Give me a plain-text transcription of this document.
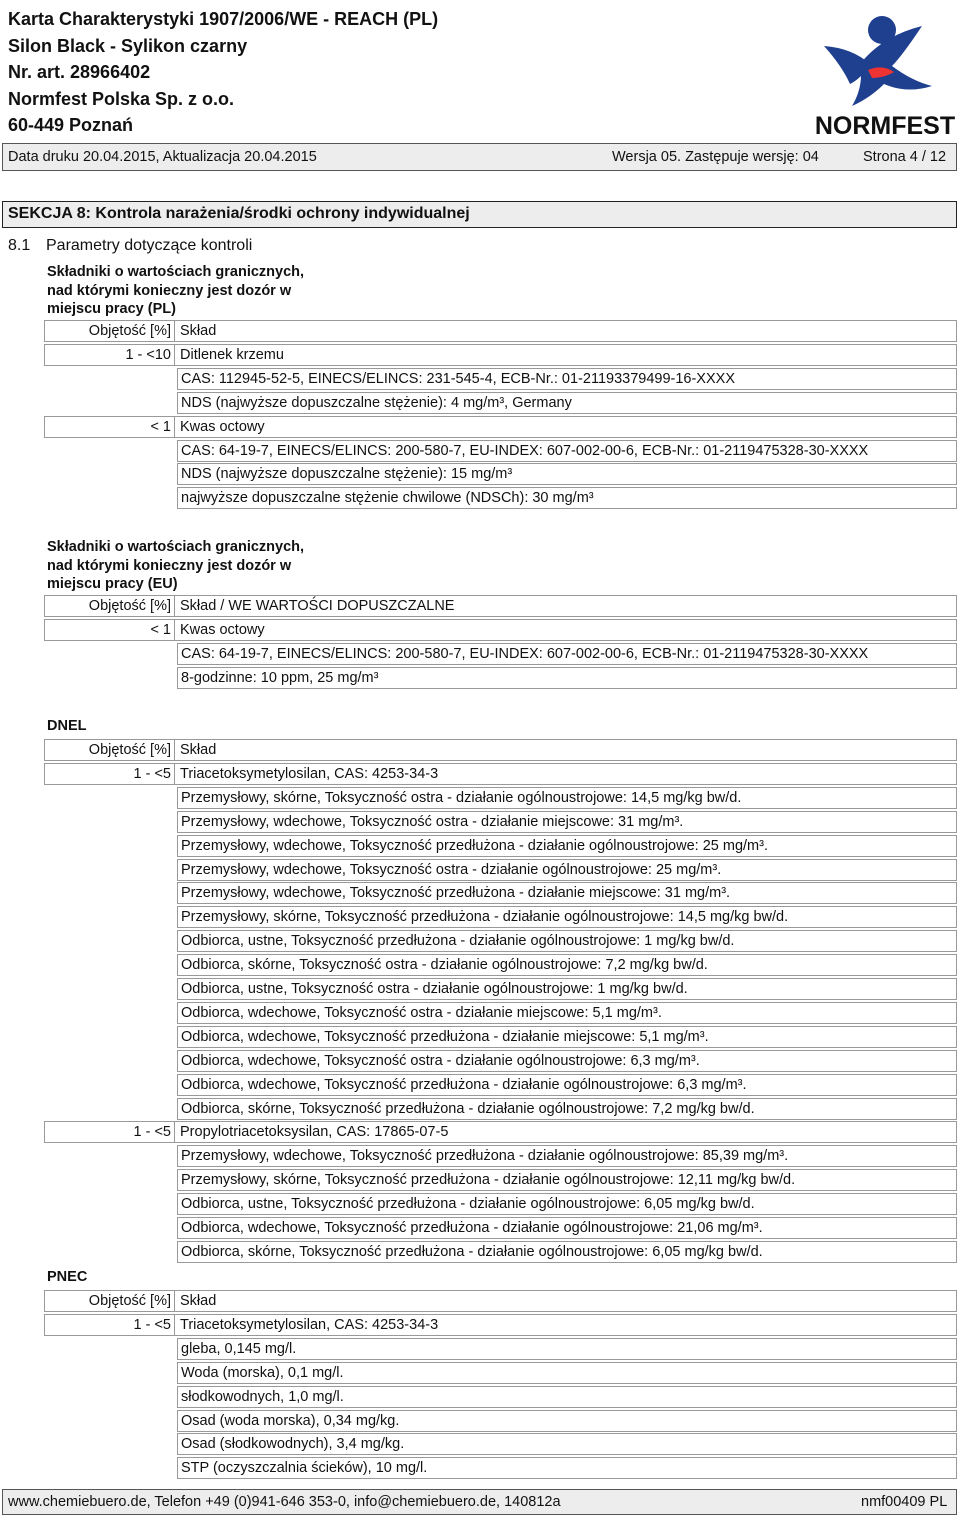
Karta Charakterystyki 1907/2006/WE - REACH (PL)
Silon Black - Sylikon czarny
Nr. art. 28966402
Normfest Polska Sp. z o.o.
60-449 Poznań	NORMFEST
Data druku 20.04.2015, Aktualizacja 20.04.2015	Wersja 05. Zastępuje wersję: 04	Strona 4 / 12
SEKCJA 8: Kontrola narażenia/środki ochrony indywidualnej
8.1 Parametry dotyczące kontroli
Składniki o wartościach granicznych, nad którymi konieczny jest dozór w miejscu pracy (PL)
Objętość [%] Skład
1 - <10 Ditlenek krzemu
CAS: 112945-52-5, EINECS/ELINCS: 231-545-4, ECB-Nr.: 01-21193379499-16-XXXX
NDS (najwyższe dopuszczalne stężenie): 4 mg/m³, Germany
< 1 Kwas octowy
CAS: 64-19-7, EINECS/ELINCS: 200-580-7, EU-INDEX: 607-002-00-6, ECB-Nr.: 01-2119475328-30-XXXX
NDS (najwyższe dopuszczalne stężenie): 15 mg/m³
najwyższe dopuszczalne stężenie chwilowe (NDSCh): 30 mg/m³
Składniki o wartościach granicznych, nad którymi konieczny jest dozór w miejscu pracy (EU)
Objętość [%] Skład / WE WARTOŚCI DOPUSZCZALNE
< 1 Kwas octowy
CAS: 64-19-7, EINECS/ELINCS: 200-580-7, EU-INDEX: 607-002-00-6, ECB-Nr.: 01-2119475328-30-XXXX
8-godzinne: 10 ppm, 25 mg/m³
DNEL
Objętość [%] Skład
1 - <5 Triacetoksymetylosilan, CAS: 4253-34-3
Przemysłowy, skórne, Toksyczność ostra - działanie ogólnoustrojowe: 14,5 mg/kg bw/d.
Przemysłowy, wdechowe, Toksyczność ostra - działanie miejscowe: 31 mg/m³.
Przemysłowy, wdechowe, Toksyczność przedłużona - działanie ogólnoustrojowe: 25 mg/m³.
Przemysłowy, wdechowe, Toksyczność ostra - działanie ogólnoustrojowe: 25 mg/m³.
Przemysłowy, wdechowe, Toksyczność przedłużona - działanie miejscowe: 31 mg/m³.
Przemysłowy, skórne, Toksyczność przedłużona - działanie ogólnoustrojowe: 14,5 mg/kg bw/d.
Odbiorca, ustne, Toksyczność przedłużona - działanie ogólnoustrojowe: 1 mg/kg bw/d.
Odbiorca, skórne, Toksyczność ostra - działanie ogólnoustrojowe: 7,2 mg/kg bw/d.
Odbiorca, ustne, Toksyczność ostra - działanie ogólnoustrojowe: 1 mg/kg bw/d.
Odbiorca, wdechowe, Toksyczność ostra - działanie miejscowe: 5,1 mg/m³.
Odbiorca, wdechowe, Toksyczność przedłużona - działanie miejscowe: 5,1 mg/m³.
Odbiorca, wdechowe, Toksyczność ostra - działanie ogólnoustrojowe: 6,3 mg/m³.
Odbiorca, wdechowe, Toksyczność przedłużona - działanie ogólnoustrojowe: 6,3 mg/m³.
Odbiorca, skórne, Toksyczność przedłużona - działanie ogólnoustrojowe: 7,2 mg/kg bw/d.
1 - <5 Propylotriacetoksysilan, CAS: 17865-07-5
Przemysłowy, wdechowe, Toksyczność przedłużona - działanie ogólnoustrojowe: 85,39 mg/m³.
Przemysłowy, skórne, Toksyczność przedłużona - działanie ogólnoustrojowe: 12,11 mg/kg bw/d.
Odbiorca, ustne, Toksyczność przedłużona - działanie ogólnoustrojowe: 6,05 mg/kg bw/d.
Odbiorca, wdechowe, Toksyczność przedłużona - działanie ogólnoustrojowe: 21,06 mg/m³.
Odbiorca, skórne, Toksyczność przedłużona - działanie ogólnoustrojowe: 6,05 mg/kg bw/d.
PNEC
Objętość [%] Skład
1 - <5 Triacetoksymetylosilan, CAS: 4253-34-3
gleba, 0,145 mg/l.
Woda (morska), 0,1 mg/l.
słodkowodnych, 1,0 mg/l.
Osad (woda morska), 0,34 mg/kg.
Osad (słodkowodnych), 3,4 mg/kg.
STP (oczyszczalnia ścieków), 10 mg/l.
www.chemiebuero.de, Telefon +49 (0)941-646 353-0, info@chemiebuero.de, 140812a	nmf00409 PL
